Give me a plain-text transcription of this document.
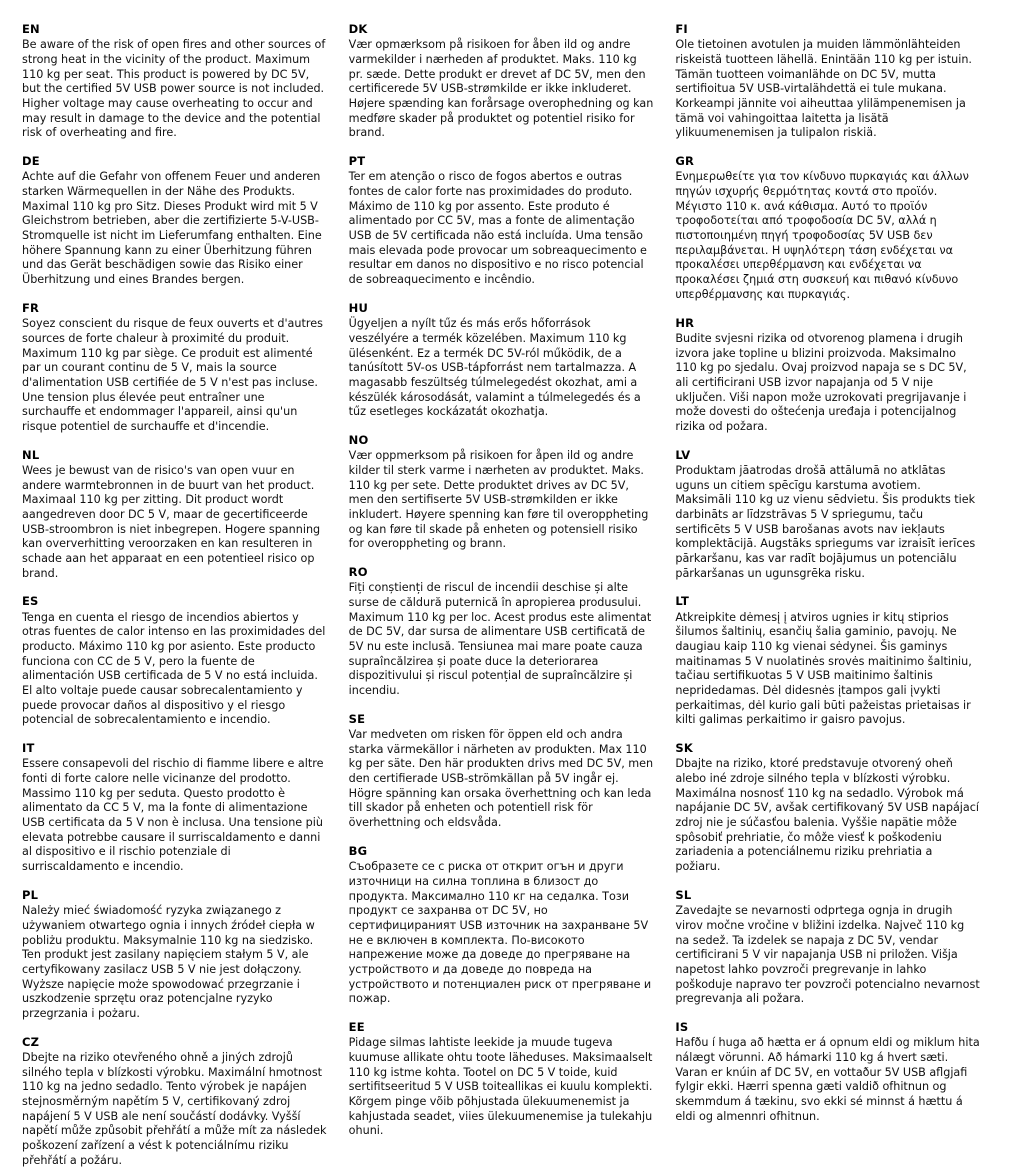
EN
Be aware of the risk of open fires and other sources of strong heat in the vicinity of the product. Maximum 110 kg per seat. This product is powered by DC 5V, but the certified 5V USB power source is not included. Higher voltage may cause overheating to occur and may result in damage to the device and the potential risk of overheating and fire.
DE
Achte auf die Gefahr von offenem Feuer und anderen starken Wärmequellen in der Nähe des Produkts. Maximal 110 kg pro Sitz. Dieses Produkt wird mit 5 V Gleichstrom betrieben, aber die zertifizierte 5-V-USB-Stromquelle ist nicht im Lieferumfang enthalten. Eine höhere Spannung kann zu einer Überhitzung führen und das Gerät beschädigen sowie das Risiko einer Überhitzung und eines Brandes bergen.
FR
Soyez conscient du risque de feux ouverts et d'autres sources de forte chaleur à proximité du produit. Maximum 110 kg par siège. Ce produit est alimenté par un courant continu de 5 V, mais la source d'alimentation USB certifiée de 5 V n'est pas incluse. Une tension plus élevée peut entraîner une surchauffe et endommager l'appareil, ainsi qu'un risque potentiel de surchauffe et d'incendie.
NL
Wees je bewust van de risico's van open vuur en andere warmtebronnen in de buurt van het product. Maximaal 110 kg per zitting. Dit product wordt aangedreven door DC 5 V, maar de gecertificeerde USB-stroombron is niet inbegrepen. Hogere spanning kan oververhitting veroorzaken en kan resulteren in schade aan het apparaat en een potentieel risico op brand.
ES
Tenga en cuenta el riesgo de incendios abiertos y otras fuentes de calor intenso en las proximidades del producto. Máximo 110 kg por asiento. Este producto funciona con CC de 5 V, pero la fuente de alimentación USB certificada de 5 V no está incluida. El alto voltaje puede causar sobrecalentamiento y puede provocar daños al dispositivo y el riesgo potencial de sobrecalentamiento e incendio.
IT
Essere consapevoli del rischio di fiamme libere e altre fonti di forte calore nelle vicinanze del prodotto. Massimo 110 kg per seduta. Questo prodotto è alimentato da CC 5 V, ma la fonte di alimentazione USB certificata da 5 V non è inclusa. Una tensione più elevata potrebbe causare il surriscaldamento e danni al dispositivo e il rischio potenziale di surriscaldamento e incendio.
PL
Należy mieć świadomość ryzyka związanego z używaniem otwartego ognia i innych źródeł ciepła w pobliżu produktu. Maksymalnie 110 kg na siedzisko. Ten produkt jest zasilany napięciem stałym 5 V, ale certyfikowany zasilacz USB 5 V nie jest dołączony. Wyższe napięcie może spowodować przegrzanie i uszkodzenie sprzętu oraz potencjalne ryzyko przegrzania i pożaru.
CZ
Dbejte na riziko otevřeného ohně a jiných zdrojů silného tepla v blízkosti výrobku. Maximální hmotnost 110 kg na jedno sedadlo. Tento výrobek je napájen stejnosměrným napětím 5 V, certifikovaný zdroj napájení 5 V USB ale není součástí dodávky. Vyšší napětí může způsobit přehřátí a může mít za následek poškození zařízení a vést k potenciálnímu riziku přehřátí a požáru.
DK
Vær opmærksom på risikoen for åben ild og andre varmekilder i nærheden af produktet. Maks. 110 kg pr. sæde. Dette produkt er drevet af DC 5V, men den certificerede 5V USB-strømkilde er ikke inkluderet. Højere spænding kan forårsage overophedning og kan medføre skader på produktet og potentiel risiko for brand.
PT
Ter em atenção o risco de fogos abertos e outras fontes de calor forte nas proximidades do produto. Máximo de 110 kg por assento. Este produto é alimentado por CC 5V, mas a fonte de alimentação USB de 5V certificada não está incluída. Uma tensão mais elevada pode provocar um sobreaquecimento e resultar em danos no dispositivo e no risco potencial de sobreaquecimento e incêndio.
HU
Ügyeljen a nyílt tűz és más erős hőforrások veszélyére a termék közelében. Maximum 110 kg ülésenként. Ez a termék DC 5V-ról működik, de a tanúsított 5V-os USB-tápforrást nem tartalmazza. A magasabb feszültség túlmelegedést okozhat, ami a készülék károsodását, valamint a túlmelegedés és a tűz esetleges kockázatát okozhatja.
NO
Vær oppmerksom på risikoen for åpen ild og andre kilder til sterk varme i nærheten av produktet. Maks. 110 kg per sete. Dette produktet drives av DC 5V, men den sertifiserte 5V USB-strømkilden er ikke inkludert. Høyere spenning kan føre til overoppheting og kan føre til skade på enheten og potensiell risiko for overoppheting og brann.
RO
Fiți conștienți de riscul de incendii deschise și alte surse de căldură puternică în apropierea produsului. Maximum 110 kg per loc. Acest produs este alimentat de DC 5V, dar sursa de alimentare USB certificată de 5V nu este inclusă. Tensiunea mai mare poate cauza supraîncălzirea și poate duce la deteriorarea dispozitivului și riscul potențial de supraîncălzire și incendiu.
SE
Var medveten om risken för öppen eld och andra starka värmekällor i närheten av produkten. Max 110 kg per säte. Den här produkten drivs med DC 5V, men den certifierade USB-strömkällan på 5V ingår ej. Högre spänning kan orsaka överhettning och kan leda till skador på enheten och potentiell risk för överhettning och eldsvåda.
BG
Съобразете се с риска от открит огън и други източници на силна топлина в близост до продукта. Максимално 110 кг на седалка. Този продукт се захранва от DC 5V, но сертифицираният USB източник на захранване 5V не е включен в комплекта. По-високото напрежение може да доведе до прегряване на устройството и да доведе до повреда на устройството и потенциален риск от прегряване и пожар.
EE
Pidage silmas lahtiste leekide ja muude tugeva kuumuse allikate ohtu toote läheduses. Maksimaalselt 110 kg istme kohta. Tootel on DC 5 V toide, kuid sertifitseeritud 5 V USB toiteallikas ei kuulu komplekti. Kõrgem pinge võib põhjustada ülekuumenemist ja kahjustada seadet, viies ülekuumenemise ja tulekahju ohuni.
FI
Ole tietoinen avotulen ja muiden lämmönlähteiden riskeistä tuotteen lähellä. Enintään 110 kg per istuin. Tämän tuotteen voimanlähde on DC 5V, mutta sertifioitua 5V USB-virtalähdettä ei tule mukana. Korkeampi jännite voi aiheuttaa ylilämpenemisen ja tämä voi vahingoittaa laitetta ja lisätä ylikuumenemisen ja tulipalon riskiä.
GR
Ενημερωθείτε για τον κίνδυνο πυρκαγιάς και άλλων πηγών ισχυρής θερμότητας κοντά στο προϊόν. Μέγιστο 110 κ. ανά κάθισμα. Αυτό το προϊόν τροφοδοτείται από τροφοδοσία DC 5V, αλλά η πιστοποιημένη πηγή τροφοδοσίας 5V USB δεν περιλαμβάνεται. Η υψηλότερη τάση ενδέχεται να προκαλέσει υπερθέρμανση και ενδέχεται να προκαλέσει ζημιά στη συσκευή και πιθανό κίνδυνο υπερθέρμανσης και πυρκαγιάς.
HR
Budite svjesni rizika od otvorenog plamena i drugih izvora jake topline u blizini proizvoda. Maksimalno 110 kg po sjedalu. Ovaj proizvod napaja se s DC 5V, ali certificirani USB izvor napajanja od 5 V nije uključen. Viši napon može uzrokovati pregrijavanje i može dovesti do oštećenja uređaja i potencijalnog rizika od požara.
LV
Produktam jāatrodas drošā attālumā no atklātas uguns un citiem spēcīgu karstuma avotiem. Maksimāli 110 kg uz vienu sēdvietu. Šis produkts tiek darbināts ar līdzstrāvas 5 V spriegumu, taču sertificēts 5 V USB barošanas avots nav iekļauts komplektācijā. Augstāks spriegums var izraisīt ierīces pārkaršanu, kas var radīt bojājumus un potenciālu pārkaršanas un ugunsgrēka risku.
LT
Atkreipkite dėmesį į atviros ugnies ir kitų stiprios šilumos šaltinių, esančių šalia gaminio, pavojų. Ne daugiau kaip 110 kg vienai sėdynei. Šis gaminys maitinamas 5 V nuolatinės srovės maitinimo šaltiniu, tačiau sertifikuotas 5 V USB maitinimo šaltinis nepridedamas. Dėl didesnės įtampos gali įvykti perkaitimas, dėl kurio gali būti pažeistas prietaisas ir kilti galimas perkaitimo ir gaisro pavojus.
SK
Dbajte na riziko, ktoré predstavuje otvorený oheň alebo iné zdroje silného tepla v blízkosti výrobku. Maximálna nosnosť 110 kg na sedadlo. Výrobok má napájanie DC 5V, avšak certifikovaný 5V USB napájací zdroj nie je súčasťou balenia. Vyššie napätie môže spôsobiť prehriatie, čo môže viesť k poškodeniu zariadenia a potenciálnemu riziku prehriatia a požiaru.
SL
Zavedajte se nevarnosti odprtega ognja in drugih virov močne vročine v bližini izdelka. Največ 110 kg na sedež. Ta izdelek se napaja z DC 5V, vendar certificirani 5 V vir napajanja USB ni priložen. Višja napetost lahko povzroči pregrevanje in lahko poškoduje napravo ter povzroči potencialno nevarnost pregrevanja ali požara.
IS
Hafðu í huga að hætta er á opnum eldi og miklum hita nálægt vörunni. Að hámarki 110 kg á hvert sæti. Varan er knúin af DC 5V, en vottaður 5V USB aflgjafi fylgir ekki. Hærri spenna gæti valdið ofhitnun og skemmdum á tækinu, svo ekki sé minnst á hættu á eldi og almennri ofhitnun.
